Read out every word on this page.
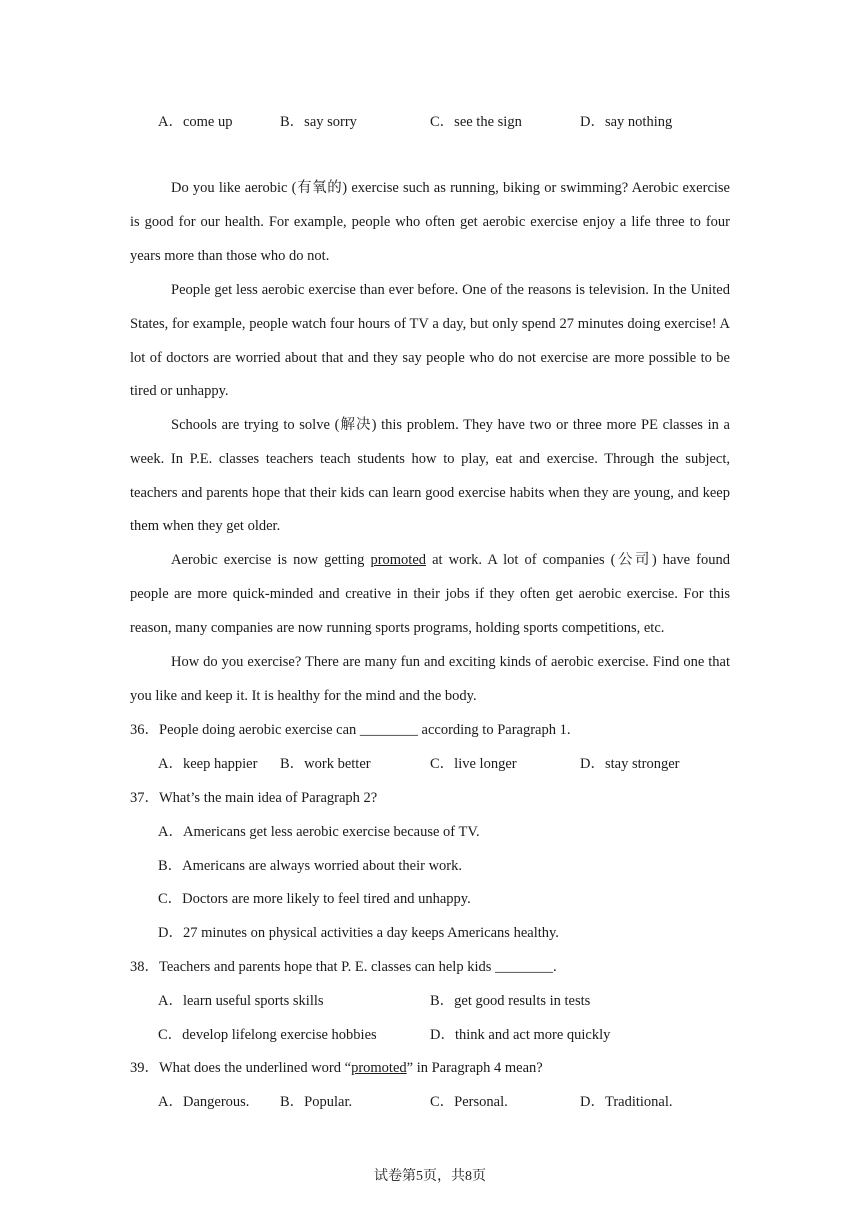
A．come up	B．say sorry	C．see the sign	D．say nothing
Do you like aerobic (有氧的) exercise such as running, biking or swimming? Aerobic exercise is good for our health. For example, people who often get aerobic exercise enjoy a life three to four years more than those who do not.
People get less aerobic exercise than ever before. One of the reasons is television. In the United States, for example, people watch four hours of TV a day, but only spend 27 minutes doing exercise! A lot of doctors are worried about that and they say people who do not exercise are more possible to be tired or unhappy.
Schools are trying to solve (解决) this problem. They have two or three more PE classes in a week. In P.E. classes teachers teach students how to play, eat and exercise. Through the subject, teachers and parents hope that their kids can learn good exercise habits when they are young, and keep them when they get older.
Aerobic exercise is now getting promoted at work. A lot of companies (公司) have found people are more quick-minded and creative in their jobs if they often get aerobic exercise. For this reason, many companies are now running sports programs, holding sports competitions, etc.
How do you exercise? There are many fun and exciting kinds of aerobic exercise. Find one that you like and keep it. It is healthy for the mind and the body.
36．People doing aerobic exercise can ________ according to Paragraph 1.
A．keep happier B．work better	C．live longer	D．stay stronger
37．What’s the main idea of Paragraph 2?
A．Americans get less aerobic exercise because of TV.
B．Americans are always worried about their work.
C．Doctors are more likely to feel tired and unhappy.
D．27 minutes on physical activities a day keeps Americans healthy.
38．Teachers and parents hope that P. E. classes can help kids ________.
A．learn useful sports skills	B．get good results in tests
C．develop lifelong exercise hobbies	D．think and act more quickly
39．What does the underlined word “promoted” in Paragraph 4 mean?
A．Dangerous. B．Popular.	C．Personal.	D．Traditional.
试卷第5页，共8页
